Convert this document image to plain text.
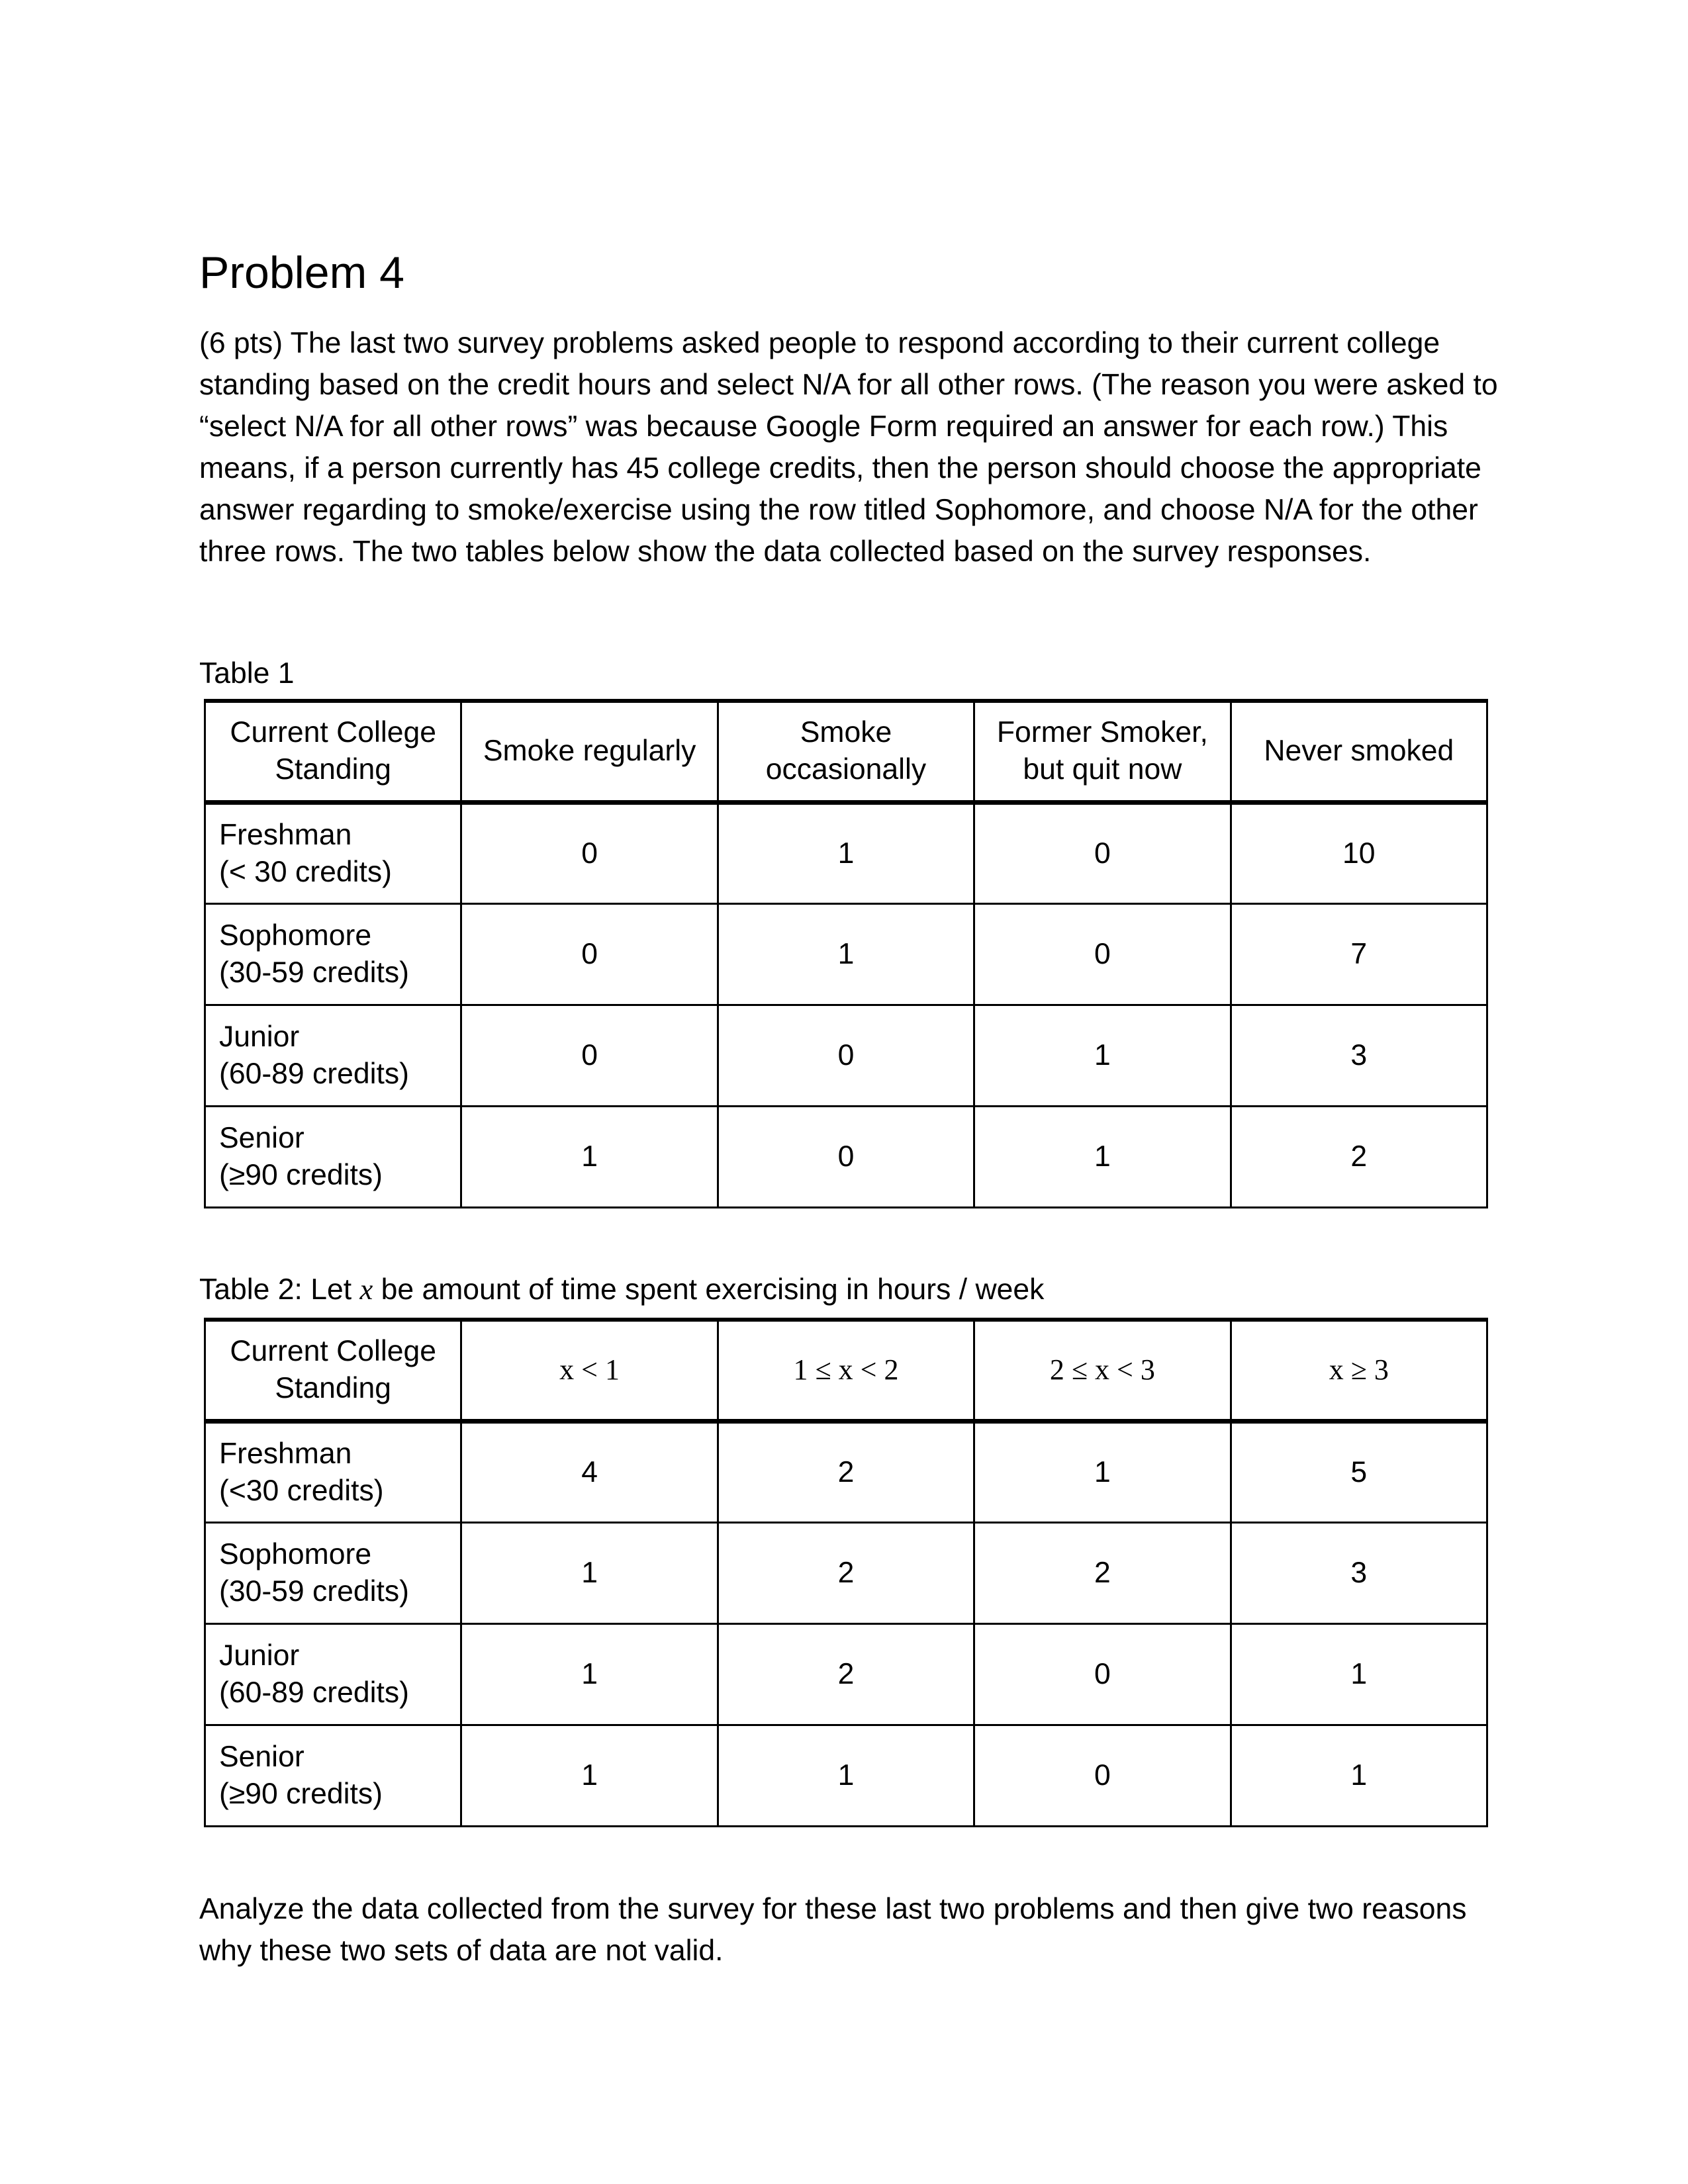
Problem 4
(6 pts) The last two survey problems asked people to respond according to their current college standing based on the credit hours and select N/A for all other rows. (The reason you were asked to “select N/A for all other rows” was because Google Form required an answer for each row.) This means, if a person currently has 45 college credits, then the person should choose the appropriate answer regarding to smoke/exercise using the row titled Sophomore, and choose N/A for the other three rows. The two tables below show the data collected based on the survey responses.
Table 1
Current College Standing	Smoke regularly	Smoke occasionally	Former Smoker, but quit now	Never smoked

Freshman
(< 30 credits)	0	1	0	10

Sophomore
(30-59 credits)	0	1	0	7

Junior
(60-89 credits)	0	0	1	3

Senior
(≥90 credits)	1	0	1	2
Table 2: Let x be amount of time spent exercising in hours / week
Current College Standing	x < 1	1 ≤ x < 2	2 ≤ x < 3	x ≥ 3

Freshman
(<30 credits)	4	2	1	5

Sophomore
(30-59 credits)	1	2	2	3

Junior
(60-89 credits)	1	2	0	1

Senior
(≥90 credits)	1	1	0	1
Analyze the data collected from the survey for these last two problems and then give two reasons why these two sets of data are not valid.
